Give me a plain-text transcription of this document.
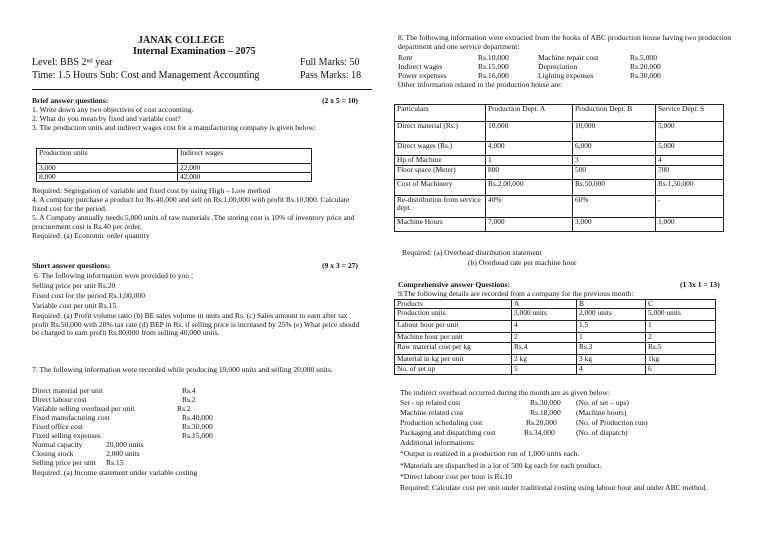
JANAK COLLEGE
Internal Examination – 2075
Level: BBS 2ⁿᵈ year	Full Marks: 50
Time: 1.5 Hours Sub: Cost and Management Accounting	Pass Marks: 18
Brief answer questions:	(2 x 5 = 10)
1. Write down any two objectives of cost accounting.
2. What do you mean by fixed and variable cost?
3. The production units and indirect wages cost for a manufacturing company is given below:
Production units	Indirect wages
3,000	22,000
8,000	42,000
Required: Segregation of variable and fixed cost by using High – Low method
4. A company purchase a product for Rs.40,000 and sell on Rs.1,00,000 with profit Rs.10,000. Calculate fixed cost for the period.
5. A Company annually needs 5,000 units of raw materials .The storing cost is 10% of inventory price and procurement cost is Rs.40 per order.
Required: (a) Economic order quantity
Short answer questions:	(9 x 3 = 27)
6. The following information were provided to you ;
Selling price per unit Rs.20
Fixed cost for the period Rs.1,00,000
Variable cost per unit Rs.15
Required: (a) Profit volume ratio (b) BE sales volume in units and Rs. (c) Sales amount to earn after tax profit Rs.50,000 with 20% tax rate (d) BEP in Rs. if selling price is increased by 25% (e) What price should be charged to earn profit Rs.80,000 from selling 40,000 units.
7. The following information were recorded while producing 19,000 units and selling 20,000 units.
Direct material per unit	Rs.4
Direct labour cost	Rs.2
Variable selling overhead per unit	Rs.2
Fixed manufacturing cost	Rs.40,000
Fixed office cost	Rs.30,000
Fixed selling expenses	Rs.15,000
Normal capacity	20,000 units
Closing stock	2,000 units
Selling price per unit Rs.15
Required: (a) Income statement under variable costing
8. The following information were extracted from the books of ABC production house having two production department and one service department:
Rent	Rs.10,000	Machine repair cost	Rs.5,000
Indirect wages	Rs.15,000	Depreciation	Rs.20,000
Power expenses	Rs.16,000	Lighting expenses	Rs.30,000
Other information related to the production house are:
Particulars	Production Dept. A	Production Dept. B	Service Dept. S
Direct material (Rs.)	10,000	10,000	5,000
Direct wages (Rs.)	4,000	6,000	5,000
Hp of Machine	1	3	4
Floor space (Meter)	800	500	700
Cost of Machinery	Rs.2,00,000	Rs.50,000	Rs.1,50,000
Re-distribution from service dept.	40%	60%	-
Machine Hours	7,000	3,000	1,000
Required: (a) Overhead distribution statement
(b) Overhead rate per machine hour
Comprehensive answer Questions:	(1 3x 1 = 13)
9.The following details are recorded from a company for the previous month:
Products	A	B	C
Production units	3,000 units	2,000 units	5,000 units
Labour hour per unit	4	1.5	1
Machine hour per unit	2	1	2
Raw material cost per kg	Rs.4	Rs.3	Rs.5
Material in kg per unit	2 kg	3 kg	1kg
No. of set up	5	4	6
The indirect overhead occurred during the month are as given below:
Set - up related cost	Rs.30,000 (No. of set – ups)
Machine related cost	Rs.18,000 (Machine hours)
Production scheduling cost	Rs.20,000	(No. of Production run)
Packaging and dispatching cost	Rs.34,000	(No. of dispatch)
Additional informations:
*Output is realized in a production run of 1,000 units each.
*Materials are dispatched in a lot of 500 kg each for each product.
*Direct labour cost per hour is Rs.10
Required: Calculate cost per unit under traditional costing using labour hour and under ABC method.
